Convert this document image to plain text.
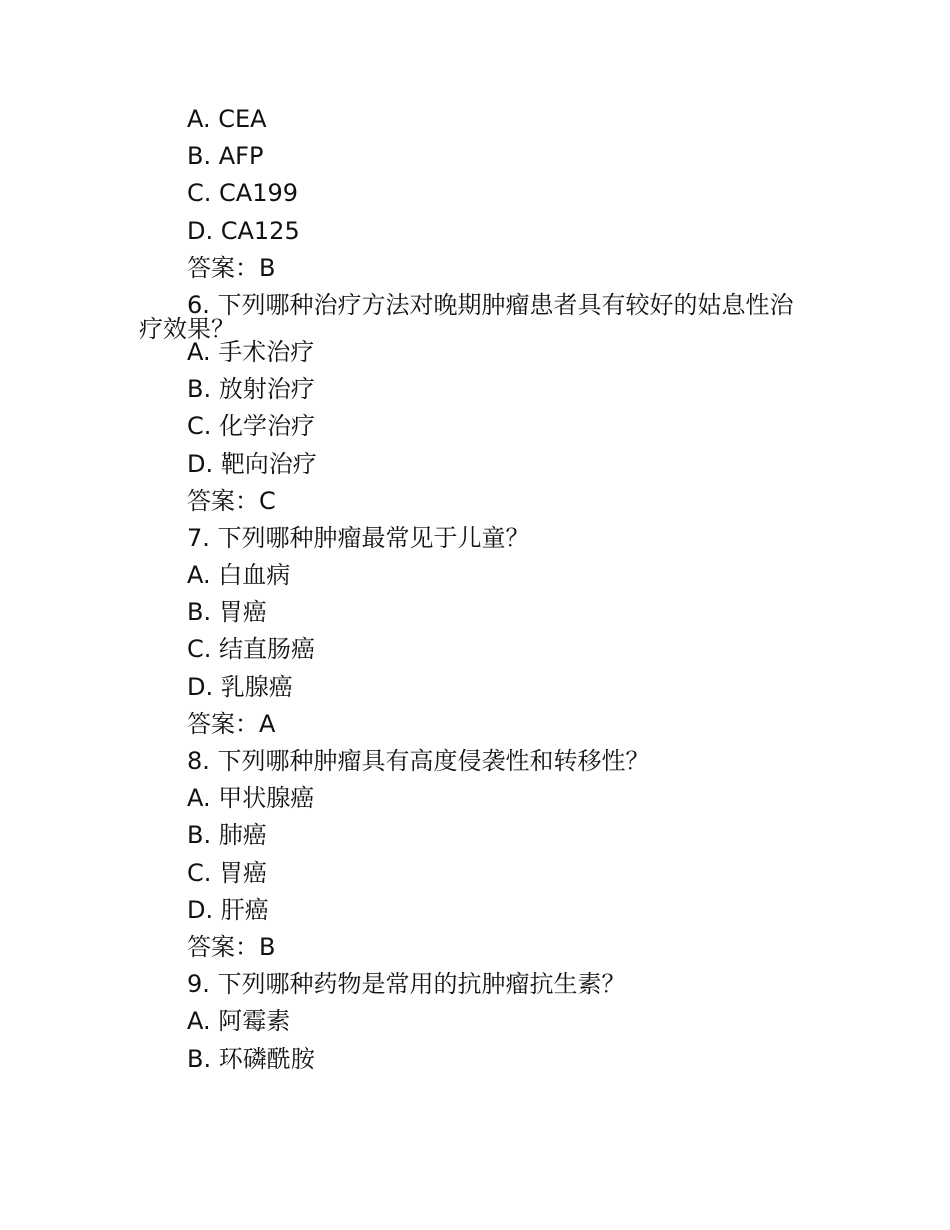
A. CEA
B. AFP
C. CA199
D. CA125
答案：B
6. 下列哪种治疗方法对晚期肿瘤患者具有较好的姑息性治
疗效果？
A. 手术治疗
B. 放射治疗
C. 化学治疗
D. 靶向治疗
答案：C
7. 下列哪种肿瘤最常见于儿童？
A. 白血病
B. 胃癌
C. 结直肠癌
D. 乳腺癌
答案：A
8. 下列哪种肿瘤具有高度侵袭性和转移性？
A. 甲状腺癌
B. 肺癌
C. 胃癌
D. 肝癌
答案：B
9. 下列哪种药物是常用的抗肿瘤抗生素？
A. 阿霉素
B. 环磷酰胺
